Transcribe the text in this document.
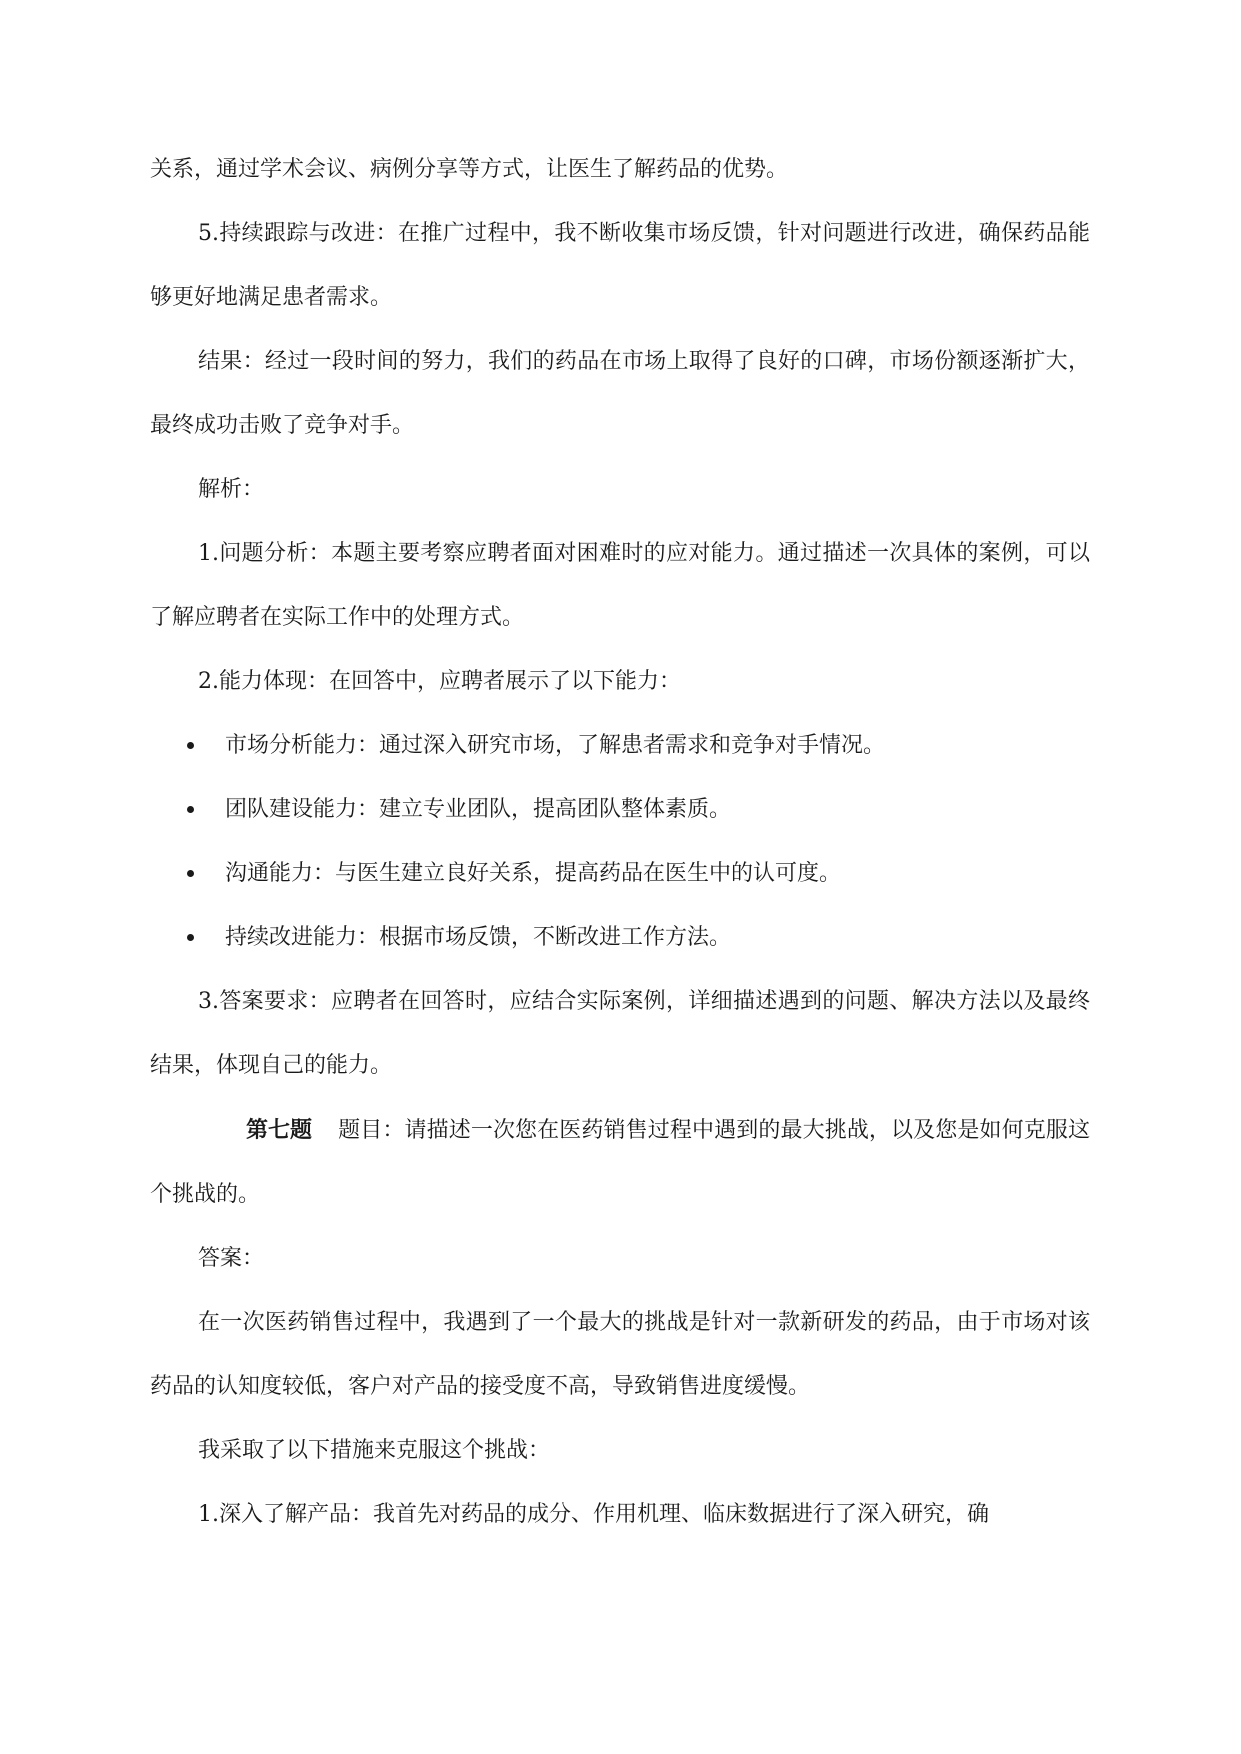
关系，通过学术会议、病例分享等方式，让医生了解药品的优势。

5.持续跟踪与改进：在推广过程中，我不断收集市场反馈，针对问题进行改进，确保药品能够更好地满足患者需求。

结果：经过一段时间的努力，我们的药品在市场上取得了良好的口碑，市场份额逐渐扩大，最终成功击败了竞争对手。

解析：

1.问题分析：本题主要考察应聘者面对困难时的应对能力。通过描述一次具体的案例，可以了解应聘者在实际工作中的处理方式。

2.能力体现：在回答中，应聘者展示了以下能力：

市场分析能力：通过深入研究市场，了解患者需求和竞争对手情况。
团队建设能力：建立专业团队，提高团队整体素质。
沟通能力：与医生建立良好关系，提高药品在医生中的认可度。
持续改进能力：根据市场反馈，不断改进工作方法。

3.答案要求：应聘者在回答时，应结合实际案例，详细描述遇到的问题、解决方法以及最终结果，体现自己的能力。

第七题 题目：请描述一次您在医药销售过程中遇到的最大挑战，以及您是如何克服这个挑战的。

答案：

在一次医药销售过程中，我遇到了一个最大的挑战是针对一款新研发的药品，由于市场对该药品的认知度较低，客户对产品的接受度不高，导致销售进度缓慢。

我采取了以下措施来克服这个挑战：

1.深入了解产品：我首先对药品的成分、作用机理、临床数据进行了深入研究，确
